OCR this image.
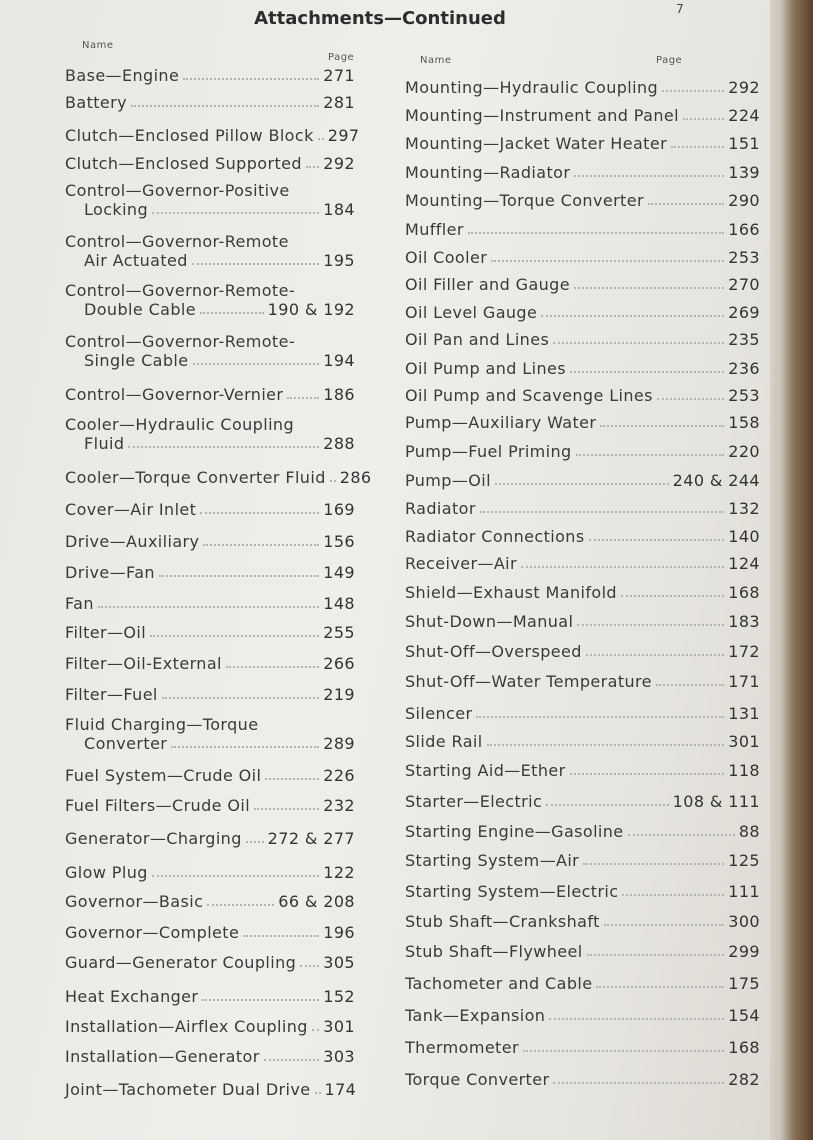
Attachments—Continued	7
Name
Page	Name	Page
Base—Engine	271
Battery	281
Clutch—Enclosed Pillow Block 297
Clutch—Enclosed Supported 292
Control—Governor-Positive
Locking	184
Control—Governor-Remote
Air Actuated	195
Control—Governor-Remote-
Double Cable	190 & 192
Control—Governor-Remote-
Single Cable	194
Control—Governor-Vernier 186
Cooler—Hydraulic Coupling
Fluid	288
Cooler—Torque Converter Fluid 286
Cover—Air Inlet	169
Drive—Auxiliary	156
Drive—Fan	149
Fan	148
Filter—Oil	255
Filter—Oil-External	266
Filter—Fuel	219
Fluid Charging—Torque
Converter	289
Fuel System—Crude Oil	226
Fuel Filters—Crude Oil	232
Generator—Charging 272 & 277
Glow Plug	122
Governor—Basic	66 & 208
Governor—Complete	196
Guard—Generator Coupling 305
Heat Exchanger	152
Installation—Airflex Coupling 301
Installation—Generator	303
Joint—Tachometer Dual Drive 174
Mounting—Hydraulic Coupling	292
Mounting—Instrument and Panel	224
Mounting—Jacket Water Heater	151
Mounting—Radiator	139
Mounting—Torque Converter	290
Muffler	166
Oil Cooler	253
Oil Filler and Gauge	270
Oil Level Gauge	269
Oil Pan and Lines	235
Oil Pump and Lines	236
Oil Pump and Scavenge Lines	253
Pump—Auxiliary Water	158
Pump—Fuel Priming	220
Pump—Oil	240 & 244
Radiator	132
Radiator Connections	140
Receiver—Air	124
Shield—Exhaust Manifold	168
Shut-Down—Manual	183
Shut-Off—Overspeed	172
Shut-Off—Water Temperature	171
Silencer	131
Slide Rail	301
Starting Aid—Ether	118
Starter—Electric	108 & 111
Starting Engine—Gasoline	88
Starting System—Air	125
Starting System—Electric	111
Stub Shaft—Crankshaft	300
Stub Shaft—Flywheel	299
Tachometer and Cable	175
Tank—Expansion	154
Thermometer	168
Torque Converter	282
